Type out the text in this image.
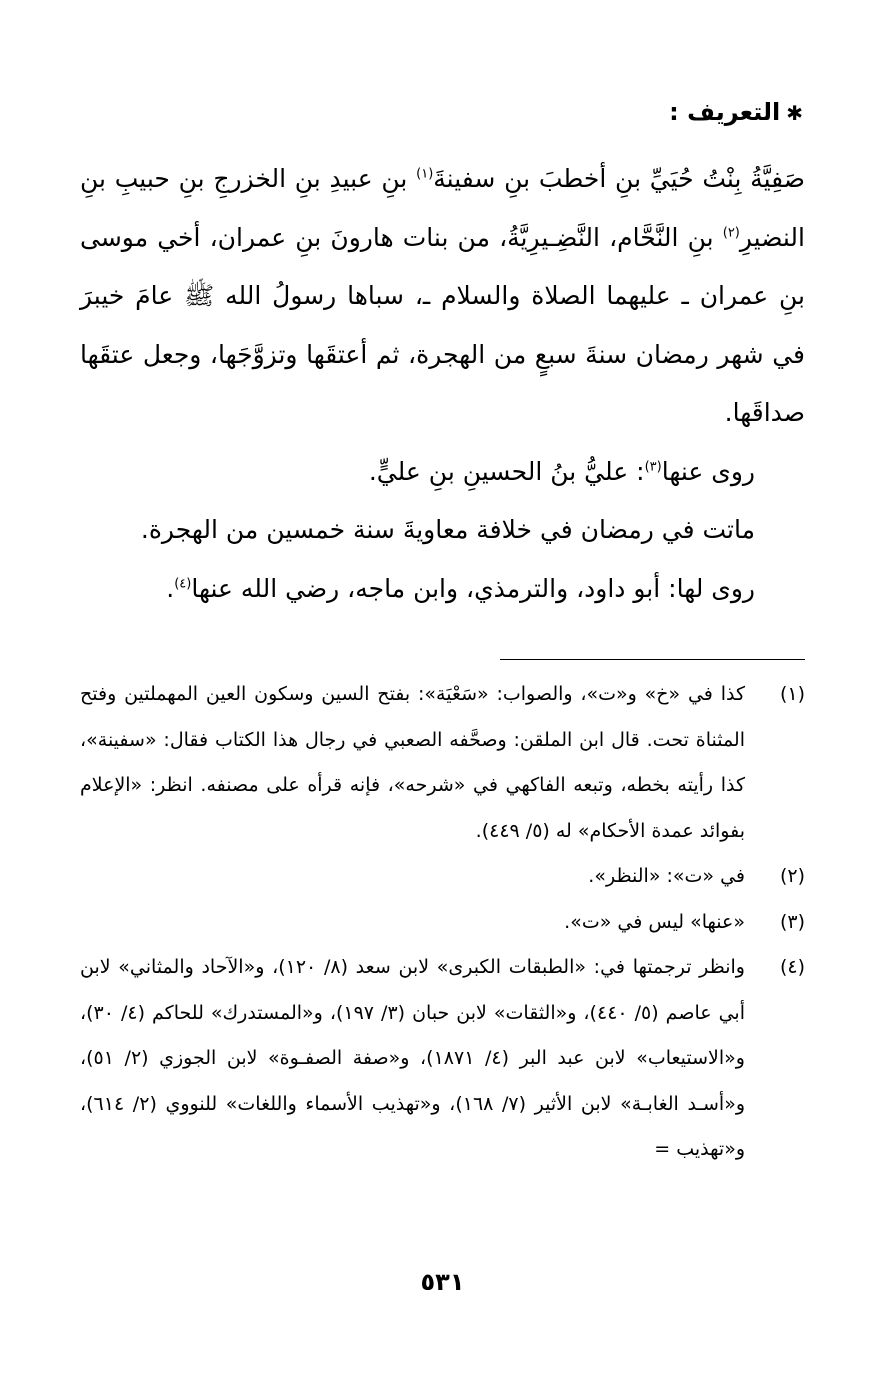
✱التعريف :

صَفِيَّةُ بِنْتُ حُيَيِّ بنِ أخطبَ بنِ سفينةَ$^{(١)}$ بنِ عبيدِ بنِ الخزرجِ بنِ حبيبِ بنِ النضيرِ$^{(٢)}$ بنِ النَّحَّام، النَّضِـيرِيَّةُ، من بنات هارونَ بنِ عمران، أخي موسى بنِ عمران ـ عليهما الصلاة والسلام ـ، سباها رسولُ الله ﷺ عامَ خيبرَ في شهر رمضان سنةَ سبعٍ من الهجرة، ثم أعتقَها وتزوَّجَها، وجعل عتقَها صداقَها.

روى عنها$^{(٣)}$: عليُّ بنُ الحسينِ بنِ عليٍّ.

ماتت في رمضان في خلافة معاويةَ سنة خمسين من الهجرة.

روى لها: أبو داود، والترمذي، وابن ماجه، رضي الله عنها$^{(٤)}$.

(١)
كذا في «خ» و«ت»، والصواب: «سَعْيَة»: بفتح السين وسكون العين المهملتين وفتح المثناة تحت. قال ابن الملقن: وصحَّفه الصعبي في رجال هذا الكتاب فقال: «سفينة»، كذا رأيته بخطه، وتبعه الفاكهي في «شرحه»، فإنه قرأه على مصنفه. انظر: «الإعلام بفوائد عمدة الأحكام» له (٥/ ٤٤٩).
(٢)
في «ت»: «النظر».
(٣)
«عنها» ليس في «ت».
(٤)
وانظر ترجمتها في: «الطبقات الكبرى» لابن سعد (٨/ ١٢٠)، و«الآحاد والمثاني» لابن أبي عاصم (٥/ ٤٤٠)، و«الثقات» لابن حبان (٣/ ١٩٧)، و«المستدرك» للحاكم (٤/ ٣٠)، و«الاستيعاب» لابن عبد البر (٤/ ١٨٧١)، و«صفة الصفـوة» لابن الجوزي (٢/ ٥١)، و«أسـد الغابـة» لابن الأثير (٧/ ١٦٨)، و«تهذيب الأسماء واللغات» للنووي (٢/ ٦١٤)، و«تهذيب =
٥٣١
